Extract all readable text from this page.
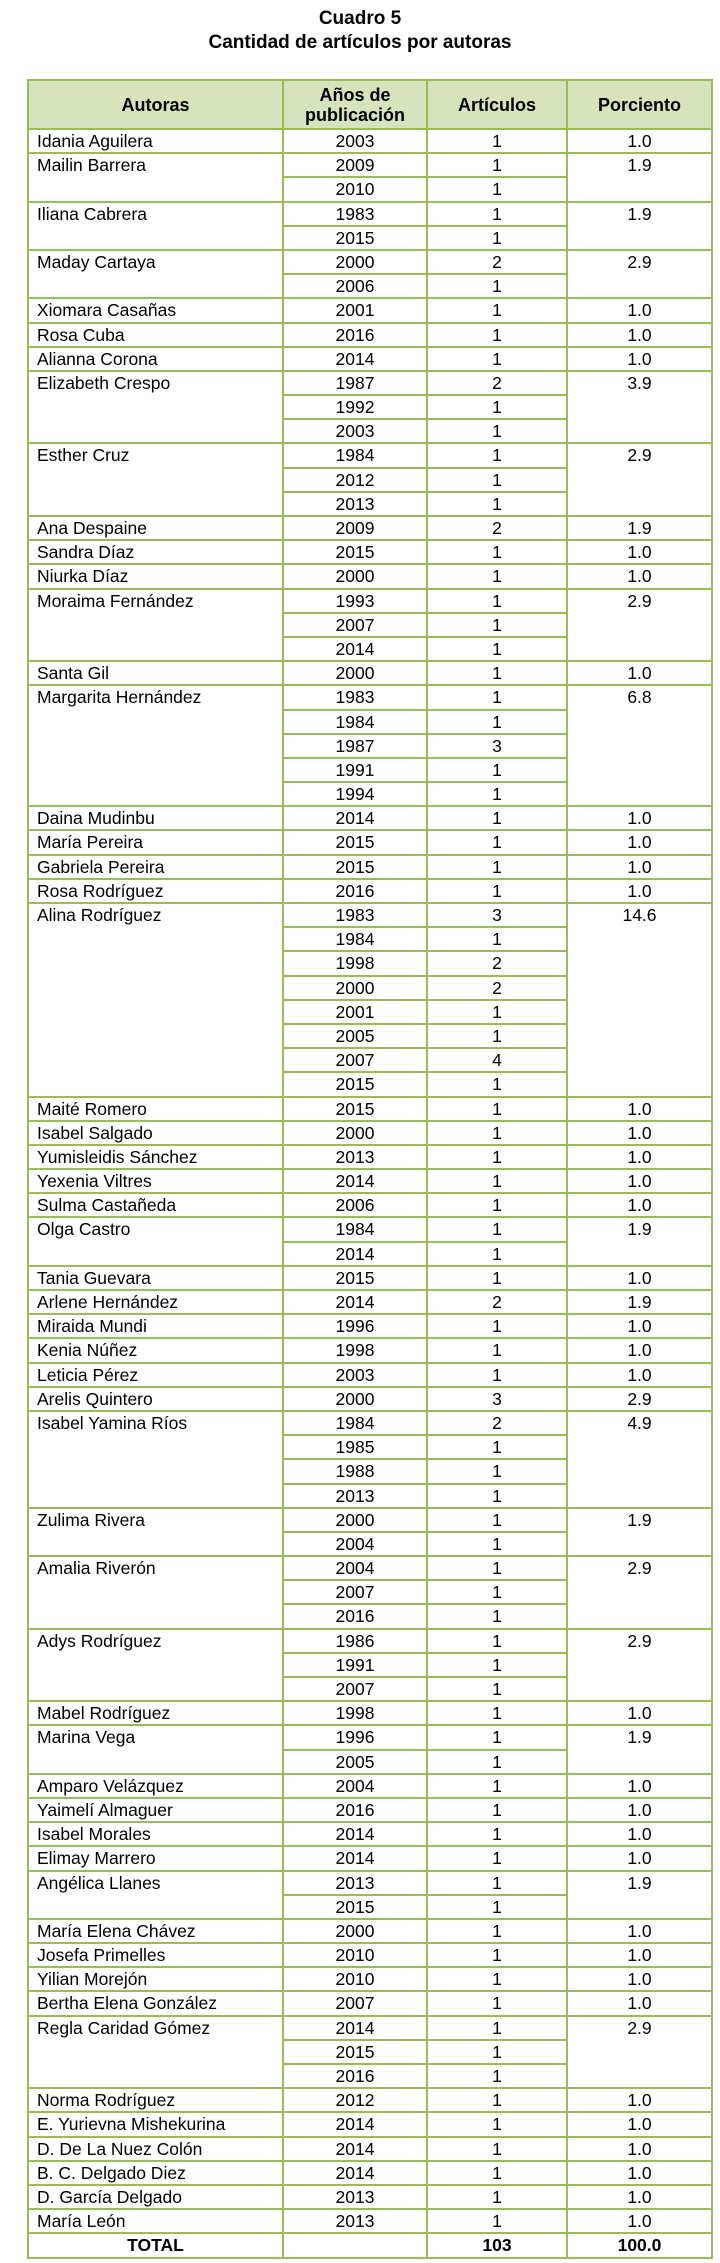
Cuadro 5
Cantidad de artículos por autoras
Autoras	Años de publicación	Artículos	Porciento
Idania Aguilera	2003	1	1.0
Mailin Barrera	2009	1	1.9
	2010	1	
Iliana Cabrera	1983	1	1.9
	2015	1	
Maday Cartaya	2000	2	2.9
	2006	1	
Xiomara Casañas	2001	1	1.0
Rosa Cuba	2016	1	1.0
Alianna Corona	2014	1	1.0
Elizabeth Crespo	1987	2	3.9
	1992	1	
	2003	1	
Esther Cruz	1984	1	2.9
	2012	1	
	2013	1	
Ana Despaine	2009	2	1.9
Sandra Díaz	2015	1	1.0
Niurka Díaz	2000	1	1.0
Moraima Fernández	1993	1	2.9
	2007	1	
	2014	1	
Santa Gil	2000	1	1.0
Margarita Hernández	1983	1	6.8
	1984	1	
	1987	3	
	1991	1	
	1994	1	
Daina Mudinbu	2014	1	1.0
María Pereira	2015	1	1.0
Gabriela Pereira	2015	1	1.0
Rosa Rodríguez	2016	1	1.0
Alina Rodríguez	1983	3	14.6
	1984	1	
	1998	2	
	2000	2	
	2001	1	
	2005	1	
	2007	4	
	2015	1	
Maité Romero	2015	1	1.0
Isabel Salgado	2000	1	1.0
Yumisleidis Sánchez	2013	1	1.0
Yexenia Viltres	2014	1	1.0
Sulma Castañeda	2006	1	1.0
Olga Castro	1984	1	1.9
	2014	1	
Tania Guevara	2015	1	1.0
Arlene Hernández	2014	2	1.9
Miraida Mundi	1996	1	1.0
Kenia Núñez	1998	1	1.0
Leticia Pérez	2003	1	1.0
Arelis Quintero	2000	3	2.9
Isabel Yamina Ríos	1984	2	4.9
	1985	1	
	1988	1	
	2013	1	
Zulima Rivera	2000	1	1.9
	2004	1	
Amalia Riverón	2004	1	2.9
	2007	1	
	2016	1	
Adys Rodríguez	1986	1	2.9
	1991	1	
	2007	1	
Mabel Rodríguez	1998	1	1.0
Marina Vega	1996	1	1.9
	2005	1	
Amparo Velázquez	2004	1	1.0
Yaimelí Almaguer	2016	1	1.0
Isabel Morales	2014	1	1.0
Elimay Marrero	2014	1	1.0
Angélica Llanes	2013	1	1.9
	2015	1	
María Elena Chávez	2000	1	1.0
Josefa Primelles	2010	1	1.0
Yilian Morejón	2010	1	1.0
Bertha Elena González	2007	1	1.0
Regla Caridad Gómez	2014	1	2.9
	2015	1	
	2016	1	
Norma Rodríguez	2012	1	1.0
E. Yurievna Mishekurina	2014	1	1.0
D. De La Nuez Colón	2014	1	1.0
B. C. Delgado Diez	2014	1	1.0
D. García Delgado	2013	1	1.0
María León	2013	1	1.0
TOTAL		103	100.0
